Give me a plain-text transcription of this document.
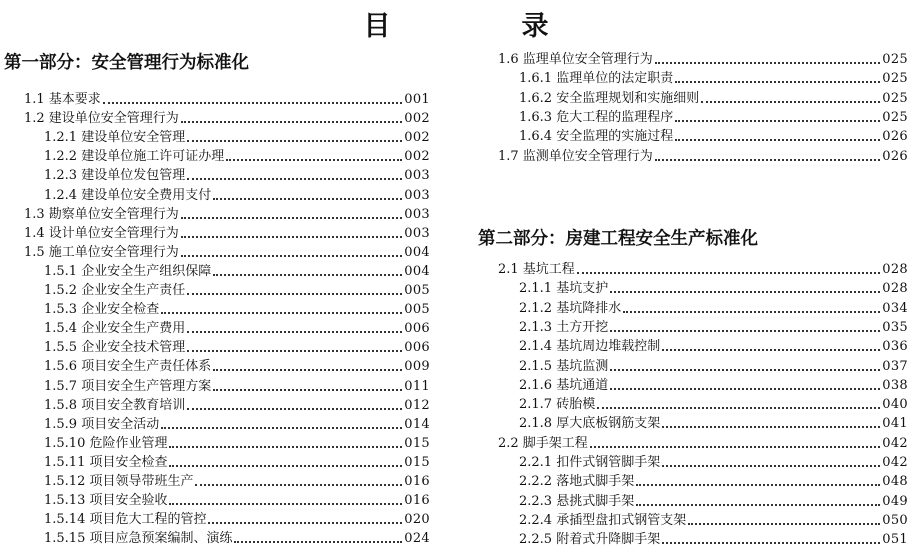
目　录
第一部分：安全管理行为标准化
第二部分：房建工程安全生产标准化
1.1 基本要求	001
1.2 建设单位安全管理行为	002
1.2.1 建设单位安全管理	002
1.2.2 建设单位施工许可证办理	002
1.2.3 建设单位发包管理	003
1.2.4 建设单位安全费用支付	003
1.3 勘察单位安全管理行为	003
1.4 设计单位安全管理行为	003
1.5 施工单位安全管理行为	004
1.5.1 企业安全生产组织保障	004
1.5.2 企业安全生产责任	005
1.5.3 企业安全检查	005
1.5.4 企业安全生产费用	006
1.5.5 企业安全技术管理	006
1.5.6 项目安全生产责任体系	009
1.5.7 项目安全生产管理方案	011
1.5.8 项目安全教育培训	012
1.5.9 项目安全活动	014
1.5.10 危险作业管理	015
1.5.11 项目安全检查	015
1.5.12 项目领导带班生产	016
1.5.13 项目安全验收	016
1.5.14 项目危大工程的管控	020
1.5.15 项目应急预案编制、演练	024
1.6 监理单位安全管理行为	025
1.6.1 监理单位的法定职责	025
1.6.2 安全监理规划和实施细则	025
1.6.3 危大工程的监理程序	025
1.6.4 安全监理的实施过程	026
1.7 监测单位安全管理行为	026
2.1 基坑工程	028
2.1.1 基坑支护	028
2.1.2 基坑降排水	034
2.1.3 土方开挖	035
2.1.4 基坑周边堆载控制	036
2.1.5 基坑监测	037
2.1.6 基坑通道	038
2.1.7 砖胎模	040
2.1.8 厚大底板钢筋支架	041
2.2 脚手架工程	042
2.2.1 扣件式钢管脚手架	042
2.2.2 落地式脚手架	048
2.2.3 悬挑式脚手架	049
2.2.4 承插型盘扣式钢管支架	050
2.2.5 附着式升降脚手架	051
